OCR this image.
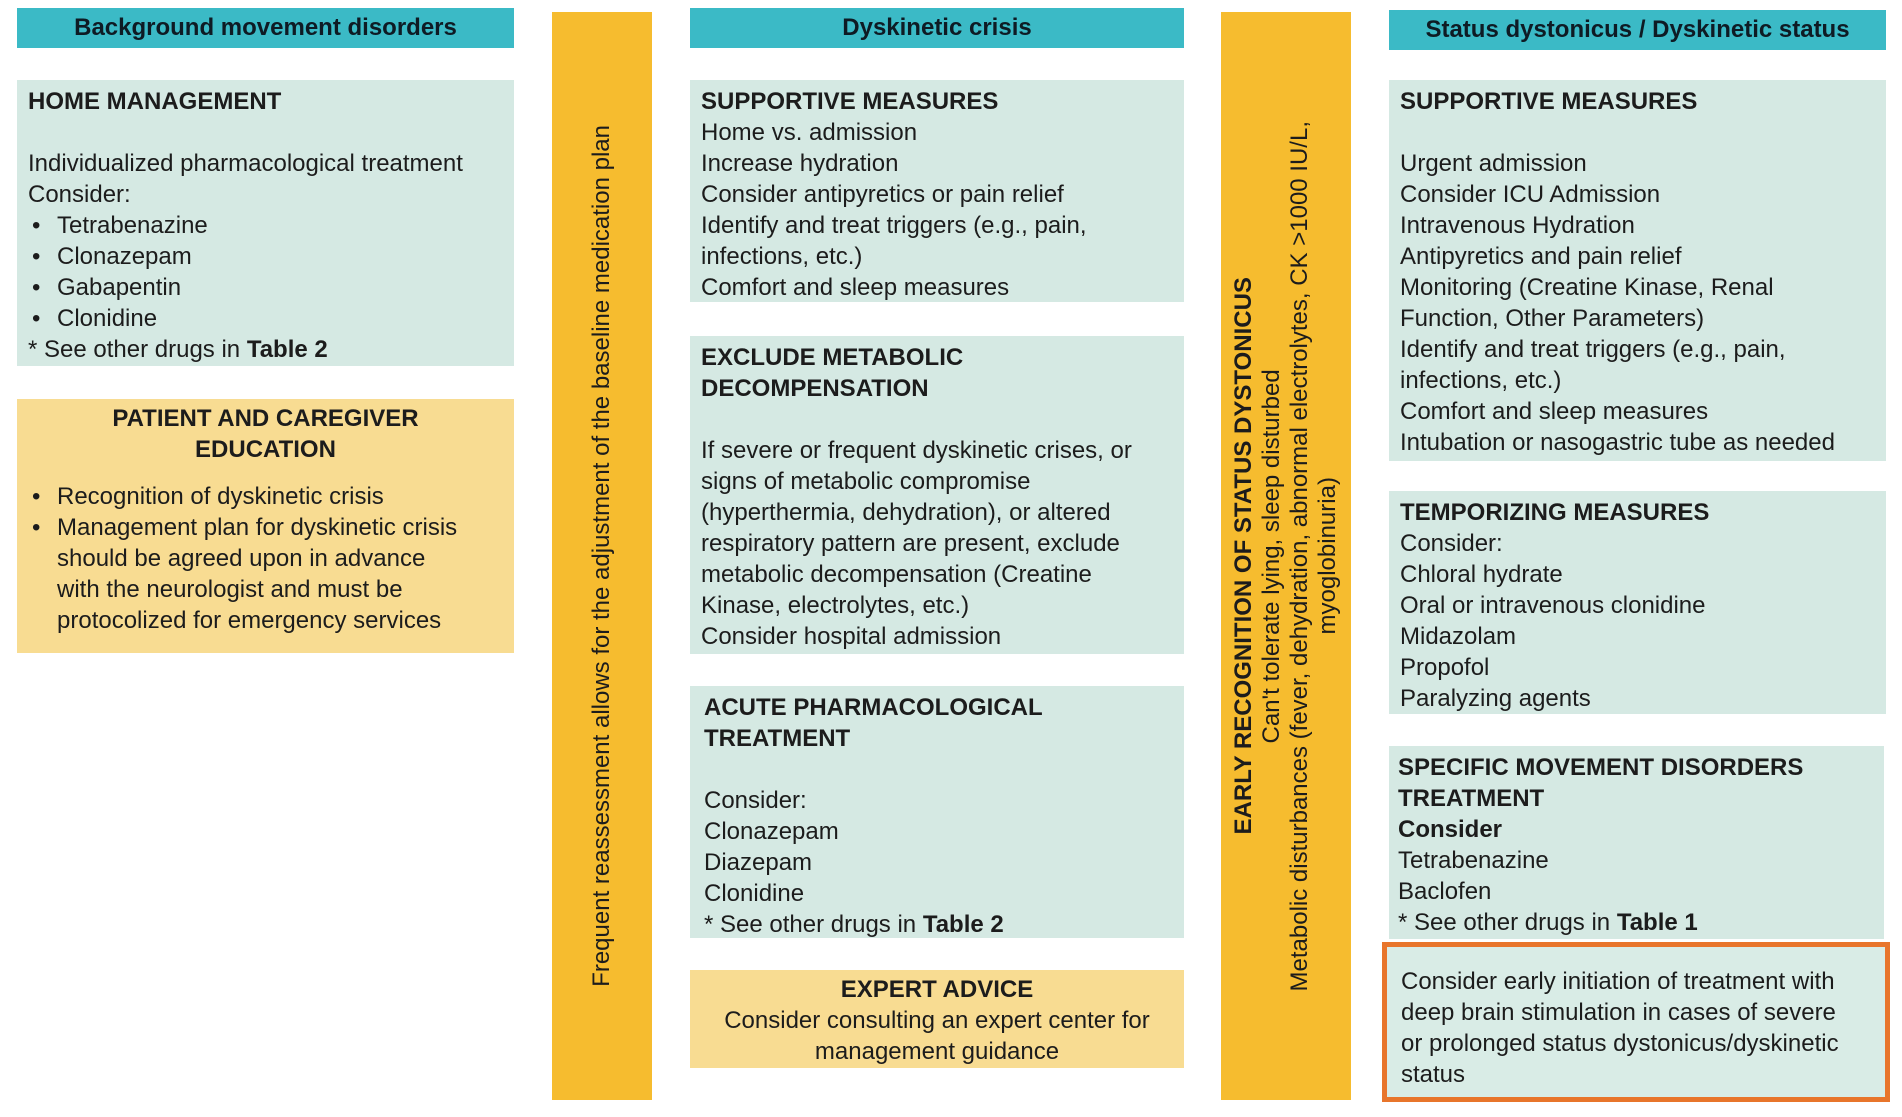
Background movement disorders
HOME MANAGEMENT
Individualized pharmacological treatment
Consider:
• Tetrabenazine
• Clonazepam
• Gabapentin
• Clonidine
* See other drugs in Table 2
PATIENT AND CAREGIVER
EDUCATION
• Recognition of dyskinetic crisis
• Management plan for dyskinetic crisis
should be agreed upon in advance
with the neurologist and must be
protocolized for emergency services	Frequent reassessment allows for the adjustment of the baseline medication plan
Dyskinetic crisis
SUPPORTIVE MEASURES
Home vs. admission
Increase hydration
Consider antipyretics or pain relief
Identify and treat triggers (e.g., pain,
infections, etc.)
Comfort and sleep measures
EXCLUDE METABOLIC
DECOMPENSATION
If severe or frequent dyskinetic crises, or
signs of metabolic compromise
(hyperthermia, dehydration), or altered
respiratory pattern are present, exclude
metabolic decompensation (Creatine
Kinase, electrolytes, etc.)
Consider hospital admission
ACUTE PHARMACOLOGICAL
TREATMENT
Consider:
Clonazepam
Diazepam
Clonidine
* See other drugs in Table 2
EXPERT ADVICE
Consider consulting an expert center for
management guidance
EARLY RECOGNITION OF STATUS DYSTONICUS Can't tolerate lying, sleep disturbed Metabolic disturbances (fever, dehydration, abnormal electrolytes, CK >1000 IU/L, myoglobinuria)
Status dystonicus / Dyskinetic status
SUPPORTIVE MEASURES
Urgent admission
Consider ICU Admission
Intravenous Hydration
Antipyretics and pain relief
Monitoring (Creatine Kinase, Renal
Function, Other Parameters)
Identify and treat triggers (e.g., pain,
infections, etc.)
Comfort and sleep measures
Intubation or nasogastric tube as needed
TEMPORIZING MEASURES
Consider:
Chloral hydrate
Oral or intravenous clonidine
Midazolam
Propofol
Paralyzing agents
SPECIFIC MOVEMENT DISORDERS
TREATMENT
Consider
Tetrabenazine
Baclofen
* See other drugs in Table 1
Consider early initiation of treatment with
deep brain stimulation in cases of severe
or prolonged status dystonicus/dyskinetic
status
